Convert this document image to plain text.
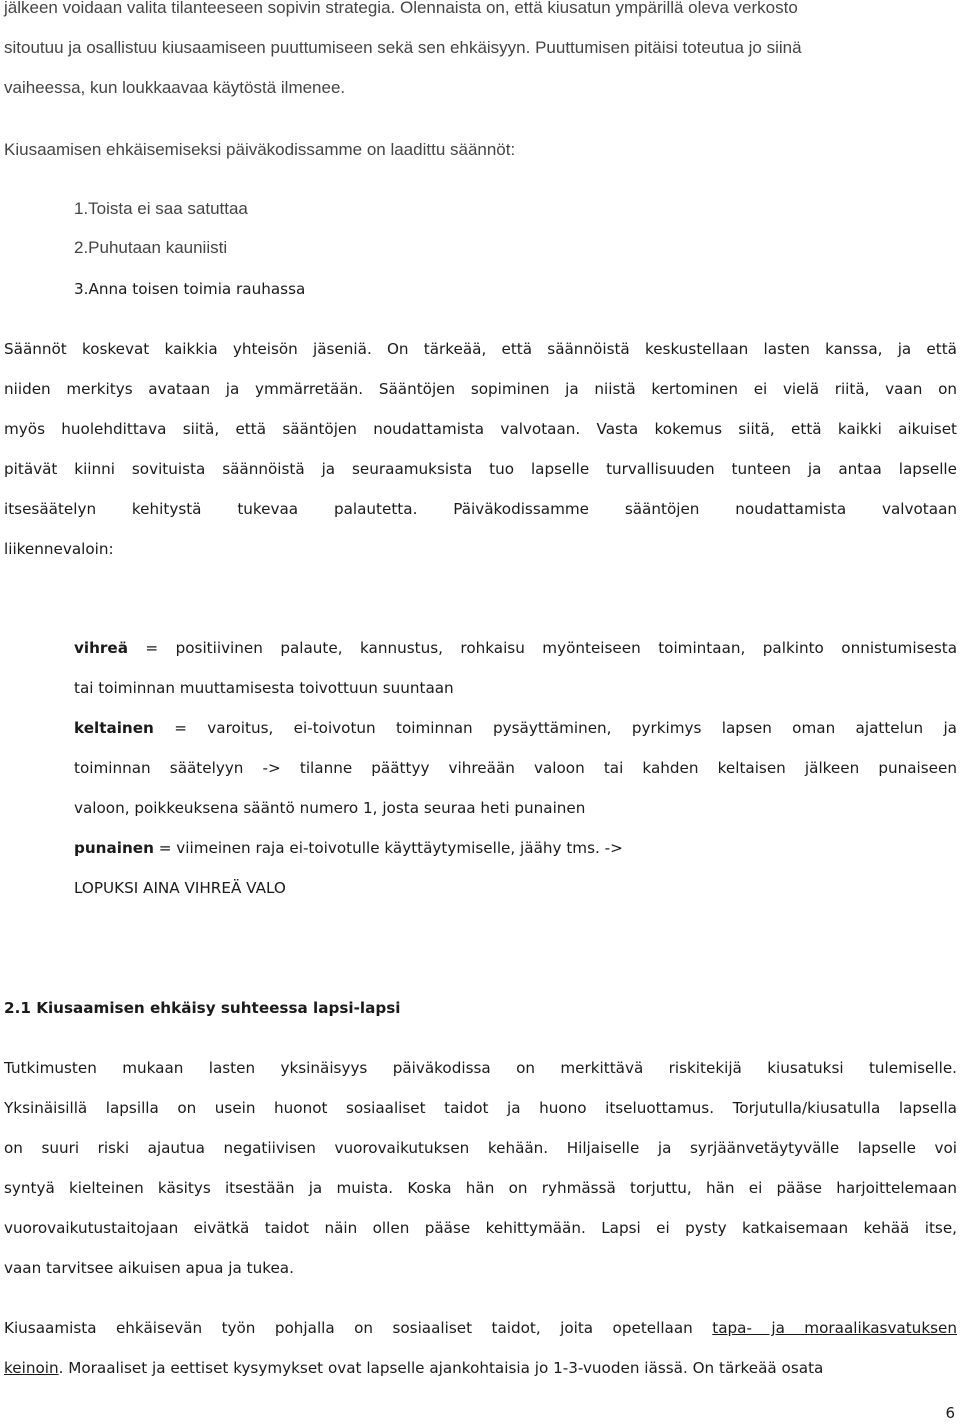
jälkeen voidaan valita tilanteeseen sopivin strategia. Olennaista on, että kiusatun ympärillä oleva verkosto
sitoutuu ja osallistuu kiusaamiseen puuttumiseen sekä sen ehkäisyyn. Puuttumisen pitäisi toteutua jo siinä
vaiheessa, kun loukkaavaa käytöstä ilmenee.
Kiusaamisen ehkäisemiseksi päiväkodissamme on laadittu säännöt:
1.Toista ei saa satuttaa
2.Puhutaan kauniisti
3.Anna toisen toimia rauhassa
Säännöt koskevat kaikkia yhteisön jäseniä. On tärkeää, että säännöistä keskustellaan lasten kanssa, ja että
niiden merkitys avataan ja ymmärretään. Sääntöjen sopiminen ja niistä kertominen ei vielä riitä, vaan on
myös huolehdittava siitä, että sääntöjen noudattamista valvotaan. Vasta kokemus siitä, että kaikki aikuiset
pitävät kiinni sovituista säännöistä ja seuraamuksista tuo lapselle turvallisuuden tunteen ja antaa lapselle
itsesäätelyn kehitystä tukevaa palautetta. Päiväkodissamme sääntöjen noudattamista valvotaan
liikennevaloin:
vihreä = positiivinen palaute, kannustus, rohkaisu myönteiseen toimintaan, palkinto onnistumisesta
tai toiminnan muuttamisesta toivottuun suuntaan
keltainen = varoitus, ei-toivotun toiminnan pysäyttäminen, pyrkimys lapsen oman ajattelun ja
toiminnan säätelyyn -> tilanne päättyy vihreään valoon tai kahden keltaisen jälkeen punaiseen
valoon, poikkeuksena sääntö numero 1, josta seuraa heti punainen
punainen = viimeinen raja ei-toivotulle käyttäytymiselle, jäähy tms. ->
LOPUKSI AINA VIHREÄ VALO
2.1 Kiusaamisen ehkäisy suhteessa lapsi-lapsi
Tutkimusten mukaan lasten yksinäisyys päiväkodissa on merkittävä riskitekijä kiusatuksi tulemiselle.
Yksinäisillä lapsilla on usein huonot sosiaaliset taidot ja huono itseluottamus. Torjutulla/kiusatulla lapsella
on suuri riski ajautua negatiivisen vuorovaikutuksen kehään. Hiljaiselle ja syrjäänvetäytyvälle lapselle voi
syntyä kielteinen käsitys itsestään ja muista. Koska hän on ryhmässä torjuttu, hän ei pääse harjoittelemaan
vuorovaikutustaitojaan eivätkä taidot näin ollen pääse kehittymään. Lapsi ei pysty katkaisemaan kehää itse,
vaan tarvitsee aikuisen apua ja tukea.
Kiusaamista ehkäisevän työn pohjalla on sosiaaliset taidot, joita opetellaan tapa- ja moraalikasvatuksen
keinoin. Moraaliset ja eettiset kysymykset ovat lapselle ajankohtaisia jo 1-3-vuoden iässä. On tärkeää osata
6
